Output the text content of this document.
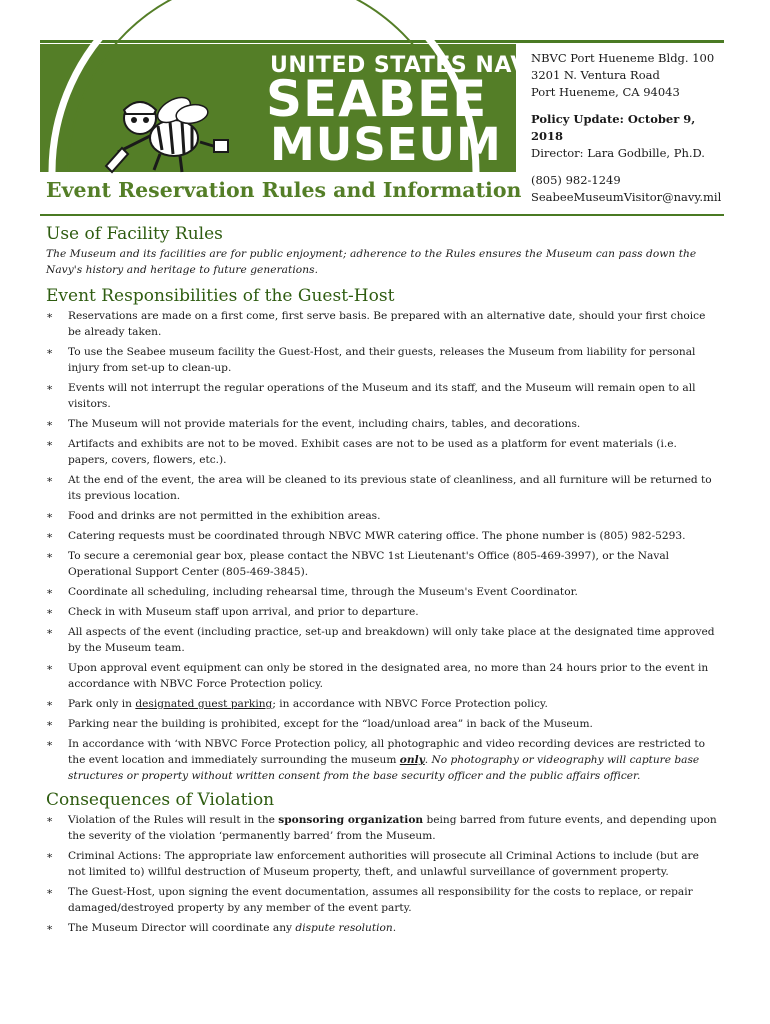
UNITED STATES NAVY
SEABEE
MUSEUM
NBVC Port Hueneme Bldg. 100
3201 N. Ventura Road
Port Hueneme, CA 94043
Policy Update: October 9, 2018
Director: Lara Godbille, Ph.D.
(805) 982-1249
SeabeeMuseumVisitor@navy.mil
Event Reservation Rules and Information
Use of Facility Rules

The Museum and its facilities are for public enjoyment; adherence to the Rules ensures the Museum can pass down the Navy's history and heritage to future generations.

Event Responsibilities of the Guest-Host
∗ Reservations are made on a first come, first serve basis. Be prepared with an alternative date, should your first choice be already taken.
∗ To use the Seabee museum facility the Guest-Host, and their guests, releases the Museum from liability for personal injury from set-up to clean-up.
∗ Events will not interrupt the regular operations of the Museum and its staff, and the Museum will remain open to all visitors.
∗ The Museum will not provide materials for the event, including chairs, tables, and decorations.
∗ Artifacts and exhibits are not to be moved. Exhibit cases are not to be used as a platform for event materials (i.e. papers, covers, flowers, etc.).
∗ At the end of the event, the area will be cleaned to its previous state of cleanliness, and all furniture will be returned to its previous location.
∗ Food and drinks are not permitted in the exhibition areas.
∗ Catering requests must be coordinated through NBVC MWR catering office. The phone number is (805) 982-5293.
∗ To secure a ceremonial gear box, please contact the NBVC 1st Lieutenant's Office (805-469-3997), or the Naval Operational Support Center (805-469-3845).
∗ Coordinate all scheduling, including rehearsal time, through the Museum's Event Coordinator.
∗ Check in with Museum staff upon arrival, and prior to departure.
∗ All aspects of the event (including practice, set-up and breakdown) will only take place at the designated time approved by the Museum team.
∗ Upon approval event equipment can only be stored in the designated area, no more than 24 hours prior to the event in accordance with NBVC Force Protection policy.
∗ Park only in designated guest parking; in accordance with NBVC Force Protection policy.
∗ Parking near the building is prohibited, except for the “load/unload area” in back of the Museum.
∗ In accordance with ‘with NBVC Force Protection policy, all photographic and video recording devices are restricted to the event location and immediately surrounding the museum only. No photography or videography will capture base structures or property without written consent from the base security officer and the public affairs officer.
Consequences of Violation
∗ Violation of the Rules will result in the sponsoring organization being barred from future events, and depending upon the severity of the violation ‘permanently barred’ from the Museum.
∗ Criminal Actions: The appropriate law enforcement authorities will prosecute all Criminal Actions to include (but are not limited to) willful destruction of Museum property, theft, and unlawful surveillance of government property.
∗ The Guest-Host, upon signing the event documentation, assumes all responsibility for the costs to replace, or repair damaged/destroyed property by any member of the event party.
∗ The Museum Director will coordinate any dispute resolution.
